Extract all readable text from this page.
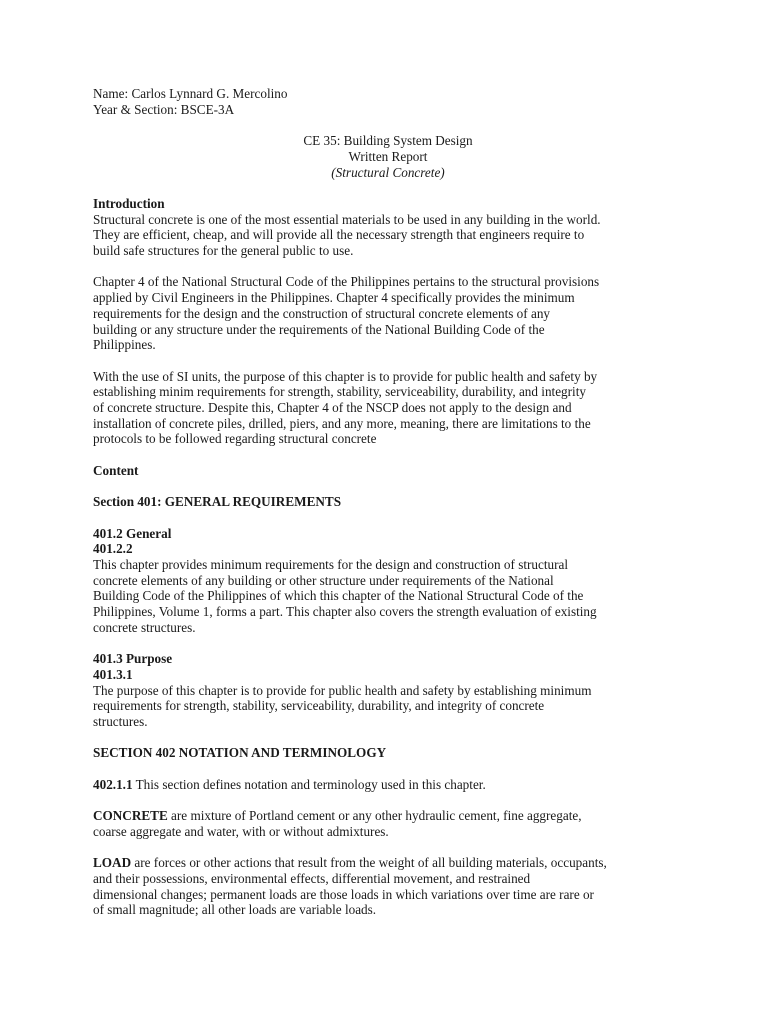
Name: Carlos Lynnard G. Mercolino

Year & Section: BSCE-3A

CE 35: Building System Design

Written Report

(Structural Concrete)

Introduction

Structural concrete is one of the most essential materials to be used in any building in the world.
They are efficient, cheap, and will provide all the necessary strength that engineers require to
build safe structures for the general public to use.

Chapter 4 of the National Structural Code of the Philippines pertains to the structural provisions
applied by Civil Engineers in the Philippines. Chapter 4 specifically provides the minimum
requirements for the design and the construction of structural concrete elements of any
building or any structure under the requirements of the National Building Code of the
Philippines.

With the use of SI units, the purpose of this chapter is to provide for public health and safety by
establishing minim requirements for strength, stability, serviceability, durability, and integrity
of concrete structure. Despite this, Chapter 4 of the NSCP does not apply to the design and
installation of concrete piles, drilled, piers, and any more, meaning, there are limitations to the
protocols to be followed regarding structural concrete

Content

Section 401: GENERAL REQUIREMENTS

401.2 General

401.2.2

This chapter provides minimum requirements for the design and construction of structural
concrete elements of any building or other structure under requirements of the National
Building Code of the Philippines of which this chapter of the National Structural Code of the
Philippines, Volume 1, forms a part. This chapter also covers the strength evaluation of existing
concrete structures.

401.3 Purpose

401.3.1

The purpose of this chapter is to provide for public health and safety by establishing minimum
requirements for strength, stability, serviceability, durability, and integrity of concrete
structures.

SECTION 402 NOTATION AND TERMINOLOGY

402.1.1 This section defines notation and terminology used in this chapter.

CONCRETE are mixture of Portland cement or any other hydraulic cement, fine aggregate,
coarse aggregate and water, with or without admixtures.

LOAD are forces or other actions that result from the weight of all building materials, occupants,
and their possessions, environmental effects, differential movement, and restrained
dimensional changes; permanent loads are those loads in which variations over time are rare or
of small magnitude; all other loads are variable loads.
